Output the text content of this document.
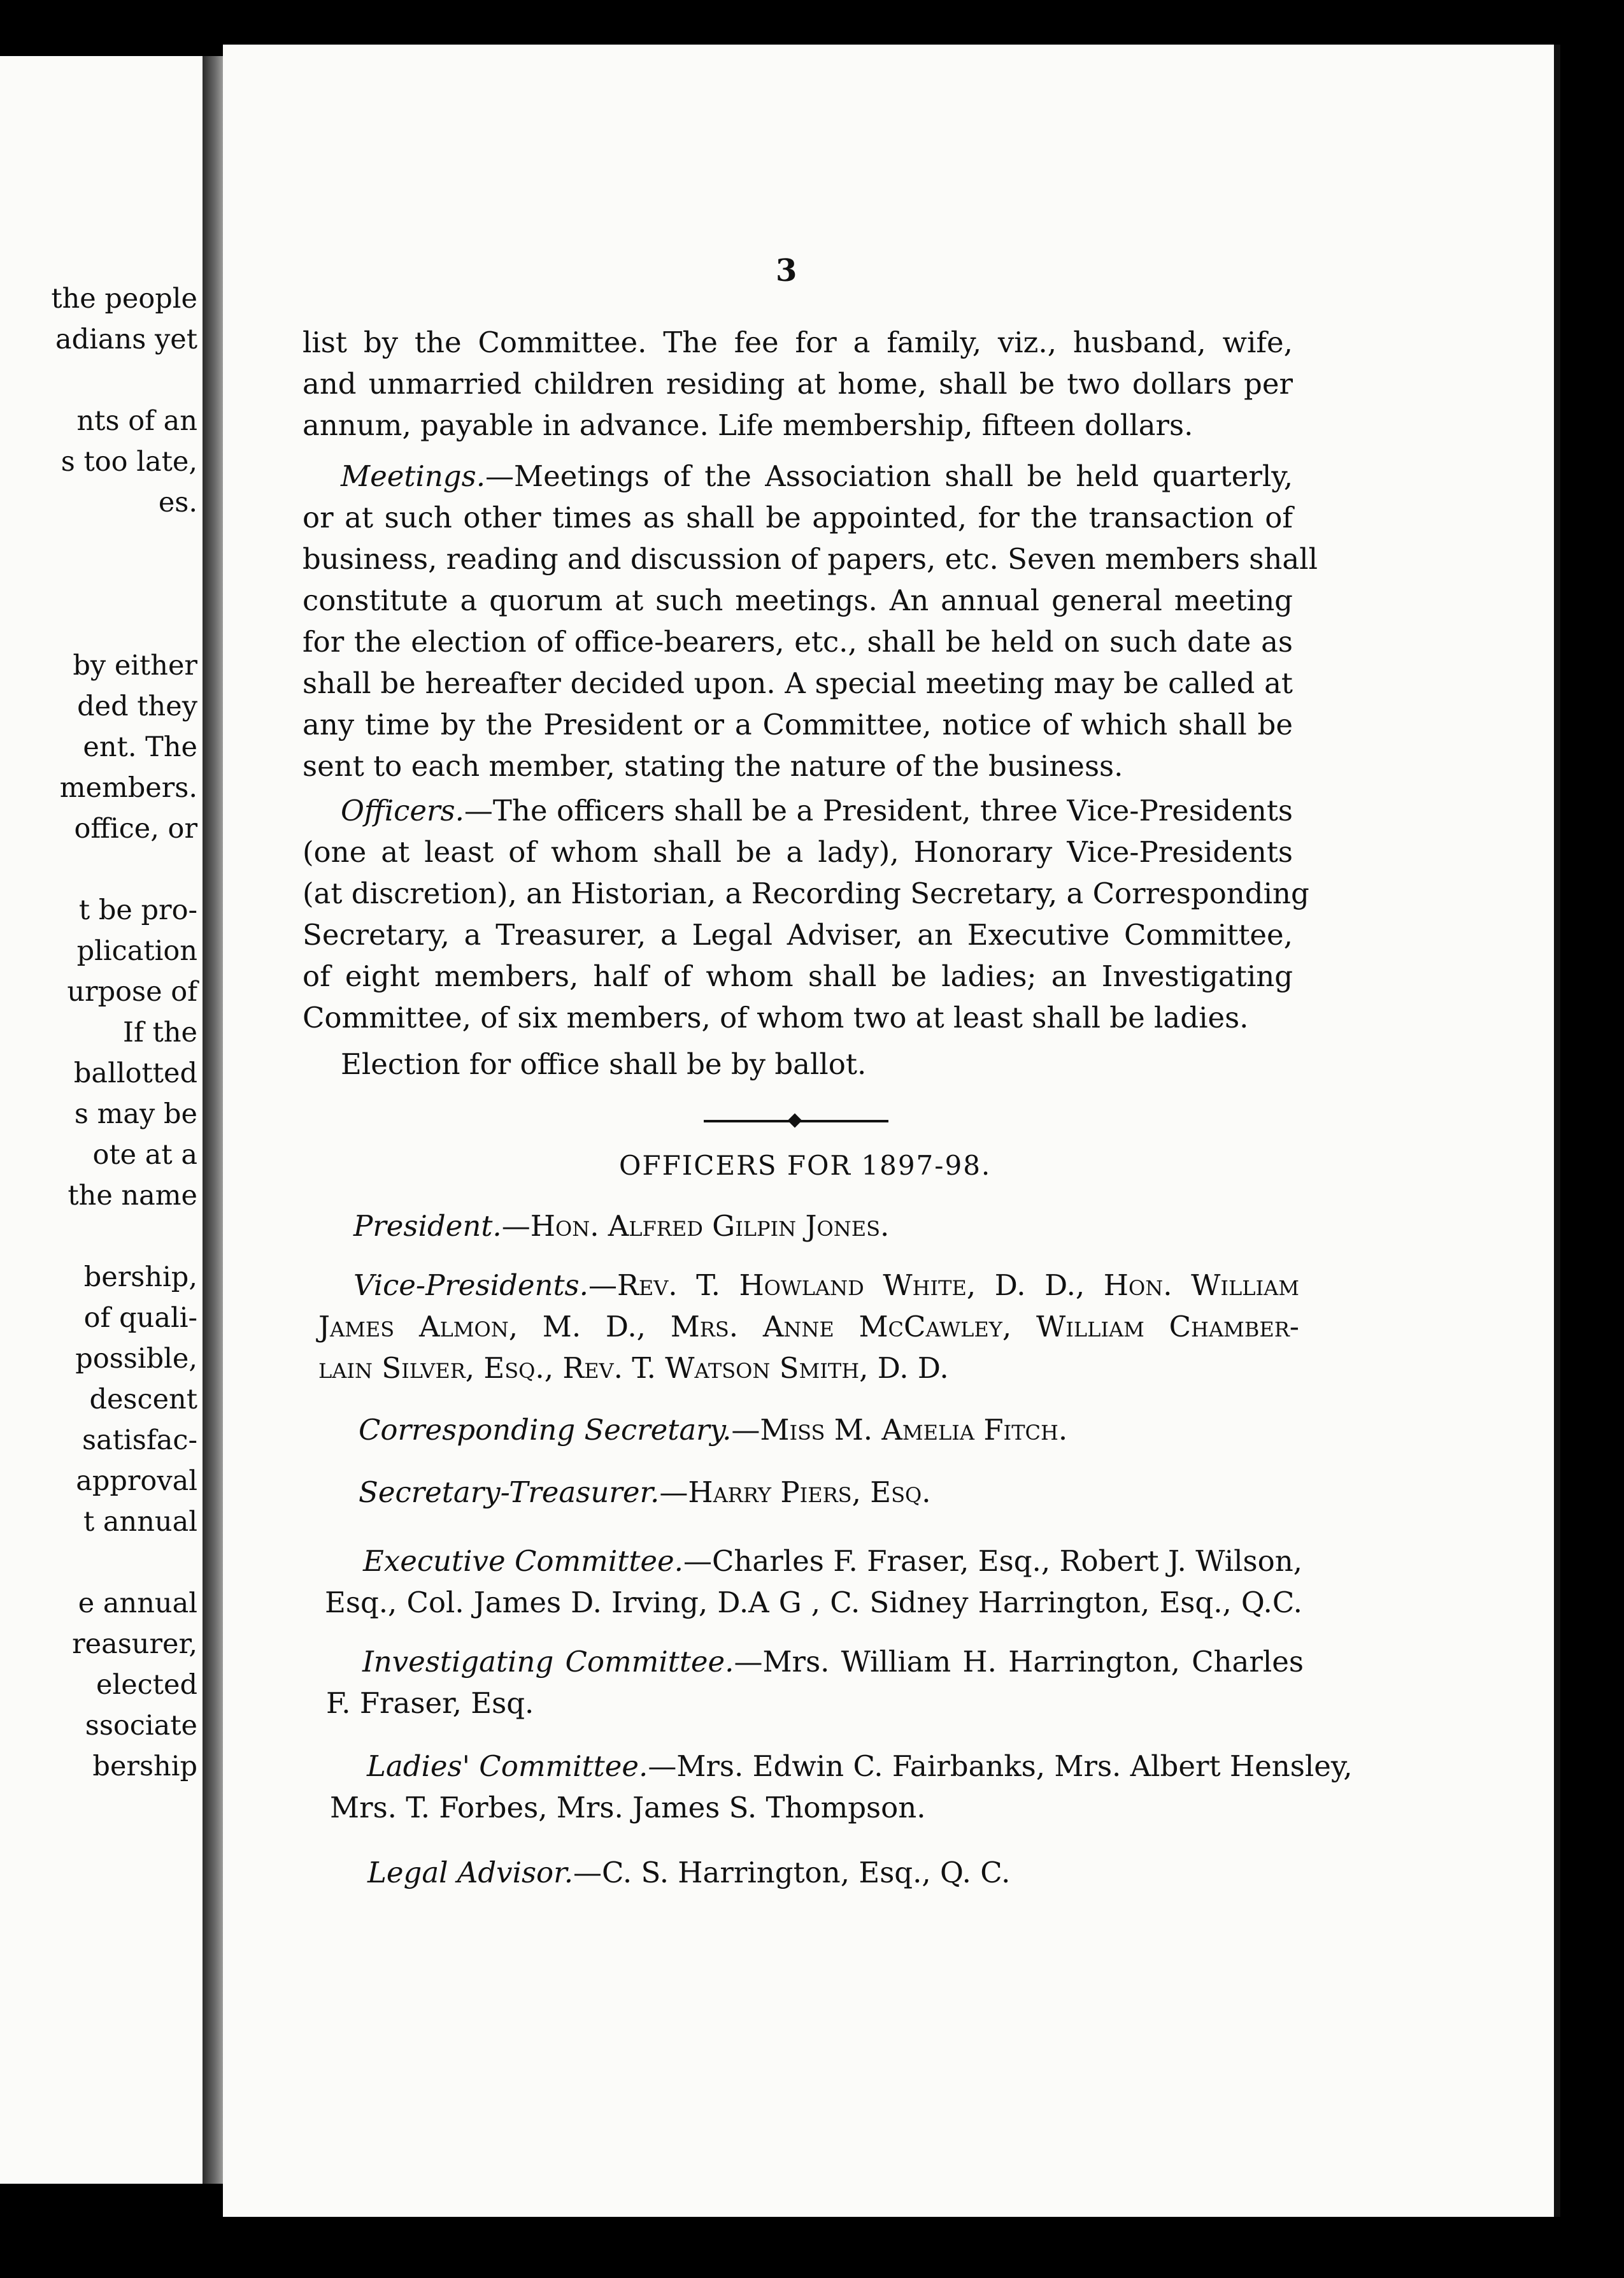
the people
adians yet
nts of an
s too late,
es.
by either
ded they
ent. The
members.
office, or
t be pro-
plication
urpose of
If the
ballotted
s may be
ote at a
the name
bership,
of quali-
possible,
descent
satisfac-
approval
t annual
e annual
reasurer,
elected
ssociate
bership
3
list by the Committee. The fee for a family, viz., husband, wife,
and unmarried children residing at home, shall be two dollars per
annum, payable in advance. Life membership, fifteen dollars.
Meetings.—Meetings of the Association shall be held quarterly,
or at such other times as shall be appointed, for the transaction of
business, reading and discussion of papers, etc. Seven members shall
constitute a quorum at such meetings. An annual general meeting
for the election of office-bearers, etc., shall be held on such date as
shall be hereafter decided upon. A special meeting may be called at
any time by the President or a Committee, notice of which shall be
sent to each member, stating the nature of the business.
Officers.—The officers shall be a President, three Vice-Presidents
(one at least of whom shall be a lady), Honorary Vice-Presidents
(at discretion), an Historian, a Recording Secretary, a Corresponding
Secretary, a Treasurer, a Legal Adviser, an Executive Committee,
of eight members, half of whom shall be ladies; an Investigating
Committee, of six members, of whom two at least shall be ladies.
Election for office shall be by ballot.
OFFICERS FOR 1897-98.
President.—Hon. Alfred Gilpin Jones.
Vice-Presidents.—Rev. T. Howland White, D. D., Hon. William
James Almon, M. D., Mrs. Anne McCawley, William Chamber-
lain Silver, Esq., Rev. T. Watson Smith, D. D.
Corresponding Secretary.—Miss M. Amelia Fitch.
Secretary-Treasurer.—Harry Piers, Esq.
Executive Committee.—Charles F. Fraser, Esq., Robert J. Wilson,
Esq., Col. James D. Irving, D.A G , C. Sidney Harrington, Esq., Q.C.
Investigating Committee.—Mrs. William H. Harrington, Charles
F. Fraser, Esq.
Ladies' Committee.—Mrs. Edwin C. Fairbanks, Mrs. Albert Hensley,
Mrs. T. Forbes, Mrs. James S. Thompson.
Legal Advisor.—C. S. Harrington, Esq., Q. C.
